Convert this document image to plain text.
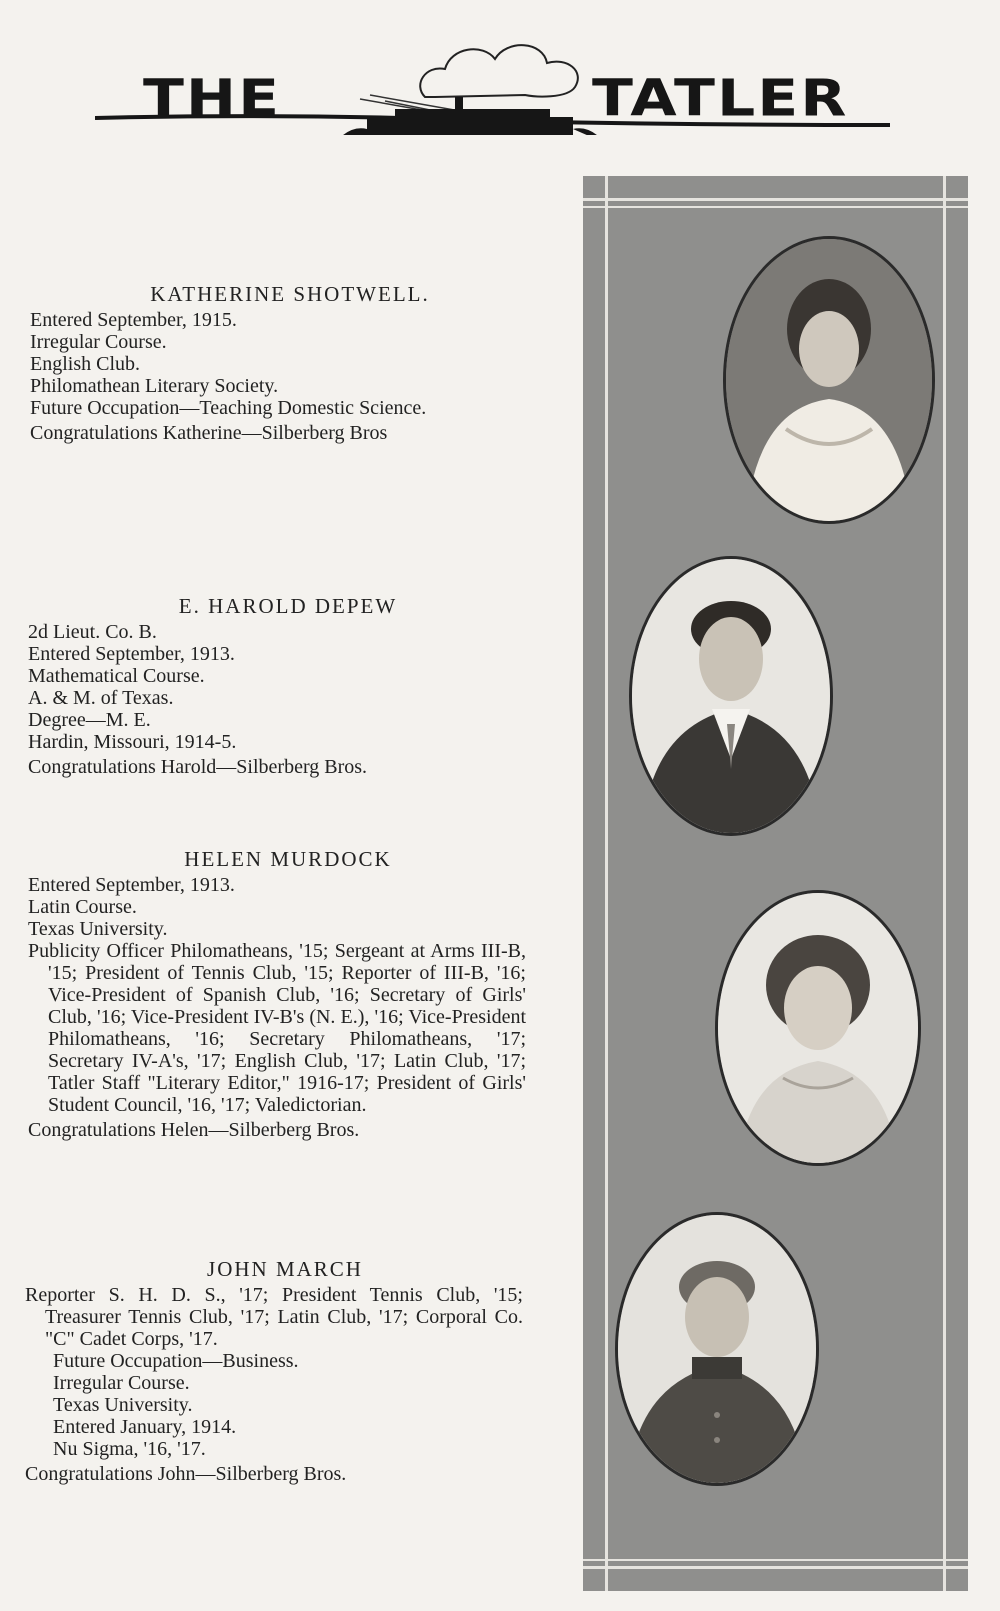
THE	TATLER
KATHERINE SHOTWELL.
Entered September, 1915.
Irregular Course.
English Club.
Philomathean Literary Society.
Future Occupation—Teaching Domestic Science.
Congratulations Katherine—Silberberg Bros
E. HAROLD DEPEW
2d Lieut. Co. B.
Entered September, 1913.
Mathematical Course.
A. & M. of Texas.
Degree—M. E.
Hardin, Missouri, 1914-5.
Congratulations Harold—Silberberg Bros.
HELEN MURDOCK
Entered September, 1913.
Latin Course.
Texas University.
Publicity Officer Philomatheans, '15; Sergeant at Arms III-B, '15; President of Tennis Club, '15; Reporter of III-B, '16; Vice-President of Spanish Club, '16; Secretary of Girls' Club, '16; Vice-President IV-B's (N. E.), '16; Vice-President Philomatheans, '16; Secretary Philomatheans, '17; Secretary IV-A's, '17; English Club, '17; Latin Club, '17; Tatler Staff "Literary Editor," 1916-17; President of Girls' Student Council, '16, '17; Valedictorian.
Congratulations Helen—Silberberg Bros.
JOHN MARCH
Reporter S. H. D. S., '17; President Tennis Club, '15; Treasurer Tennis Club, '17; Latin Club, '17; Corporal Co. "C" Cadet Corps, '17.
Future Occupation—Business.
Irregular Course.
Texas University.
Entered January, 1914.
Nu Sigma, '16, '17.
Congratulations John—Silberberg Bros.
